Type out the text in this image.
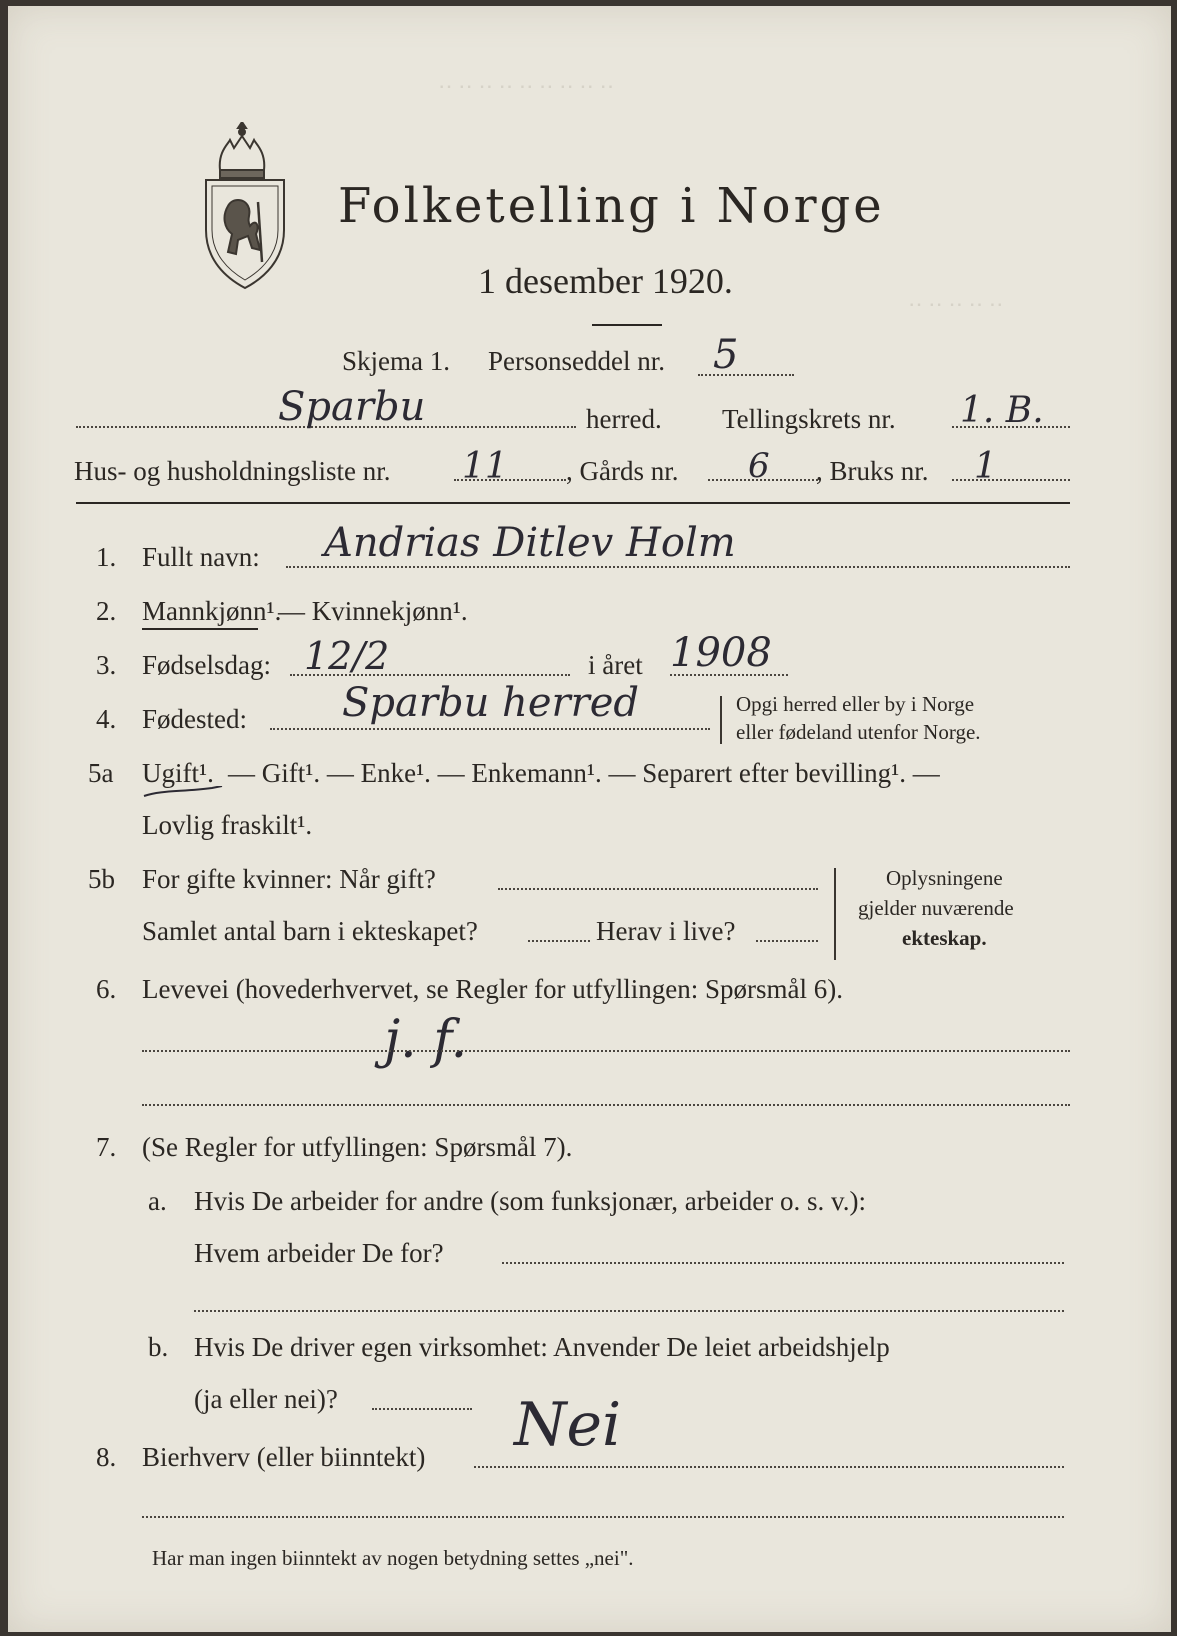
‥ ‥ ‥ ‥ ‥ ‥ ‥ ‥ ‥
‥ ‥ ‥ ‥ ‥
Folketelling i Norge
1 desember 1920.
Skjema 1. Personseddel nr. 5
Sparbu	herred. Tellingskrets nr. 1. B.
Hus- og husholdningsliste nr. 11 , Gårds nr. 6 , Bruks nr. 1
1. Fullt navn: Andrias Ditlev Holm
2. Mannkjønn¹.
— Kvinnekjønn¹.
3. Fødselsdag: 12/2	i året 1908
4. Fødested: Sparbu herred	Opgi herred eller by i Norge
eller fødeland utenfor Norge.
5a Ugift¹. — Gift¹. — Enke¹. — Enkemann¹. — Separert efter bevilling¹. —
Lovlig fraskilt¹.
5b For gifte kvinner: Når gift?
Samlet antal barn i ekteskapet?	Herav i live?
Oplysningene
gjelder nuværende
ekteskap.
6. Levevei (hovederhvervet, se Regler for utfyllingen: Spørsmål 6).
j. f.
7. (Se Regler for utfyllingen: Spørsmål 7).
a. Hvis De arbeider for andre (som funksjonær, arbeider o. s. v.):
Hvem arbeider De for?
b. Hvis De driver egen virksomhet: Anvender De leiet arbeidshjelp
(ja eller nei)?
8. Bierhverv (eller biinntekt) Nei
Har man ingen biinntekt av nogen betydning settes „nei".
